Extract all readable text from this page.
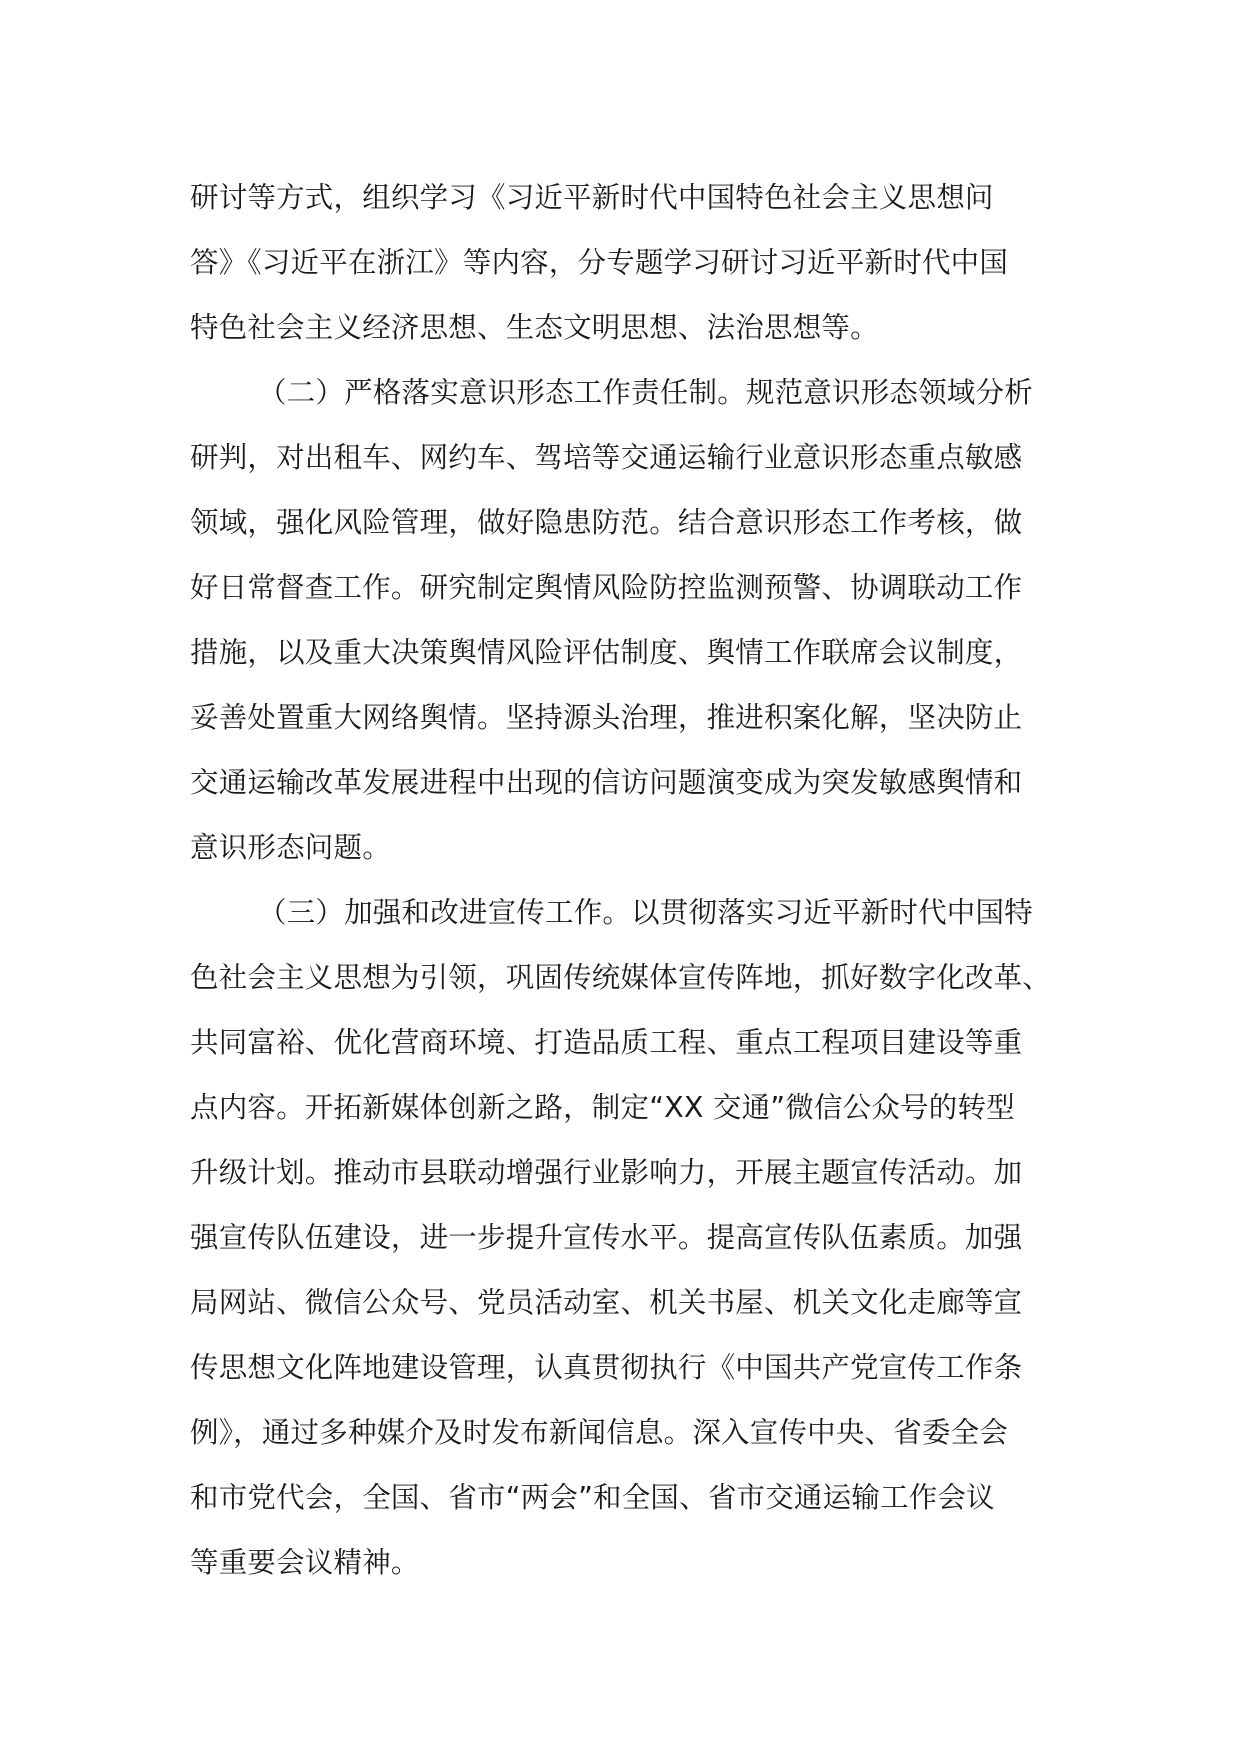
研讨等方式，组织学习《习近平新时代中国特色社会主义思想问
答》《习近平在浙江》等内容，分专题学习研讨习近平新时代中国
特色社会主义经济思想、生态文明思想、法治思想等。
（二）严格落实意识形态工作责任制。规范意识形态领域分析
研判，对出租车、网约车、驾培等交通运输行业意识形态重点敏感
领域，强化风险管理，做好隐患防范。结合意识形态工作考核，做
好日常督查工作。研究制定舆情风险防控监测预警、协调联动工作
措施，以及重大决策舆情风险评估制度、舆情工作联席会议制度，
妥善处置重大网络舆情。坚持源头治理，推进积案化解，坚决防止
交通运输改革发展进程中出现的信访问题演变成为突发敏感舆情和
意识形态问题。
（三）加强和改进宣传工作。以贯彻落实习近平新时代中国特
色社会主义思想为引领，巩固传统媒体宣传阵地，抓好数字化改革、
共同富裕、优化营商环境、打造品质工程、重点工程项目建设等重
点内容。开拓新媒体创新之路，制定“XX 交通”微信公众号的转型
升级计划。推动市县联动增强行业影响力，开展主题宣传活动。加
强宣传队伍建设，进一步提升宣传水平。提高宣传队伍素质。加强
局网站、微信公众号、党员活动室、机关书屋、机关文化走廊等宣
传思想文化阵地建设管理，认真贯彻执行《中国共产党宣传工作条
例》，通过多种媒介及时发布新闻信息。深入宣传中央、省委全会
和市党代会，全国、省市“两会”和全国、省市交通运输工作会议
等重要会议精神。
